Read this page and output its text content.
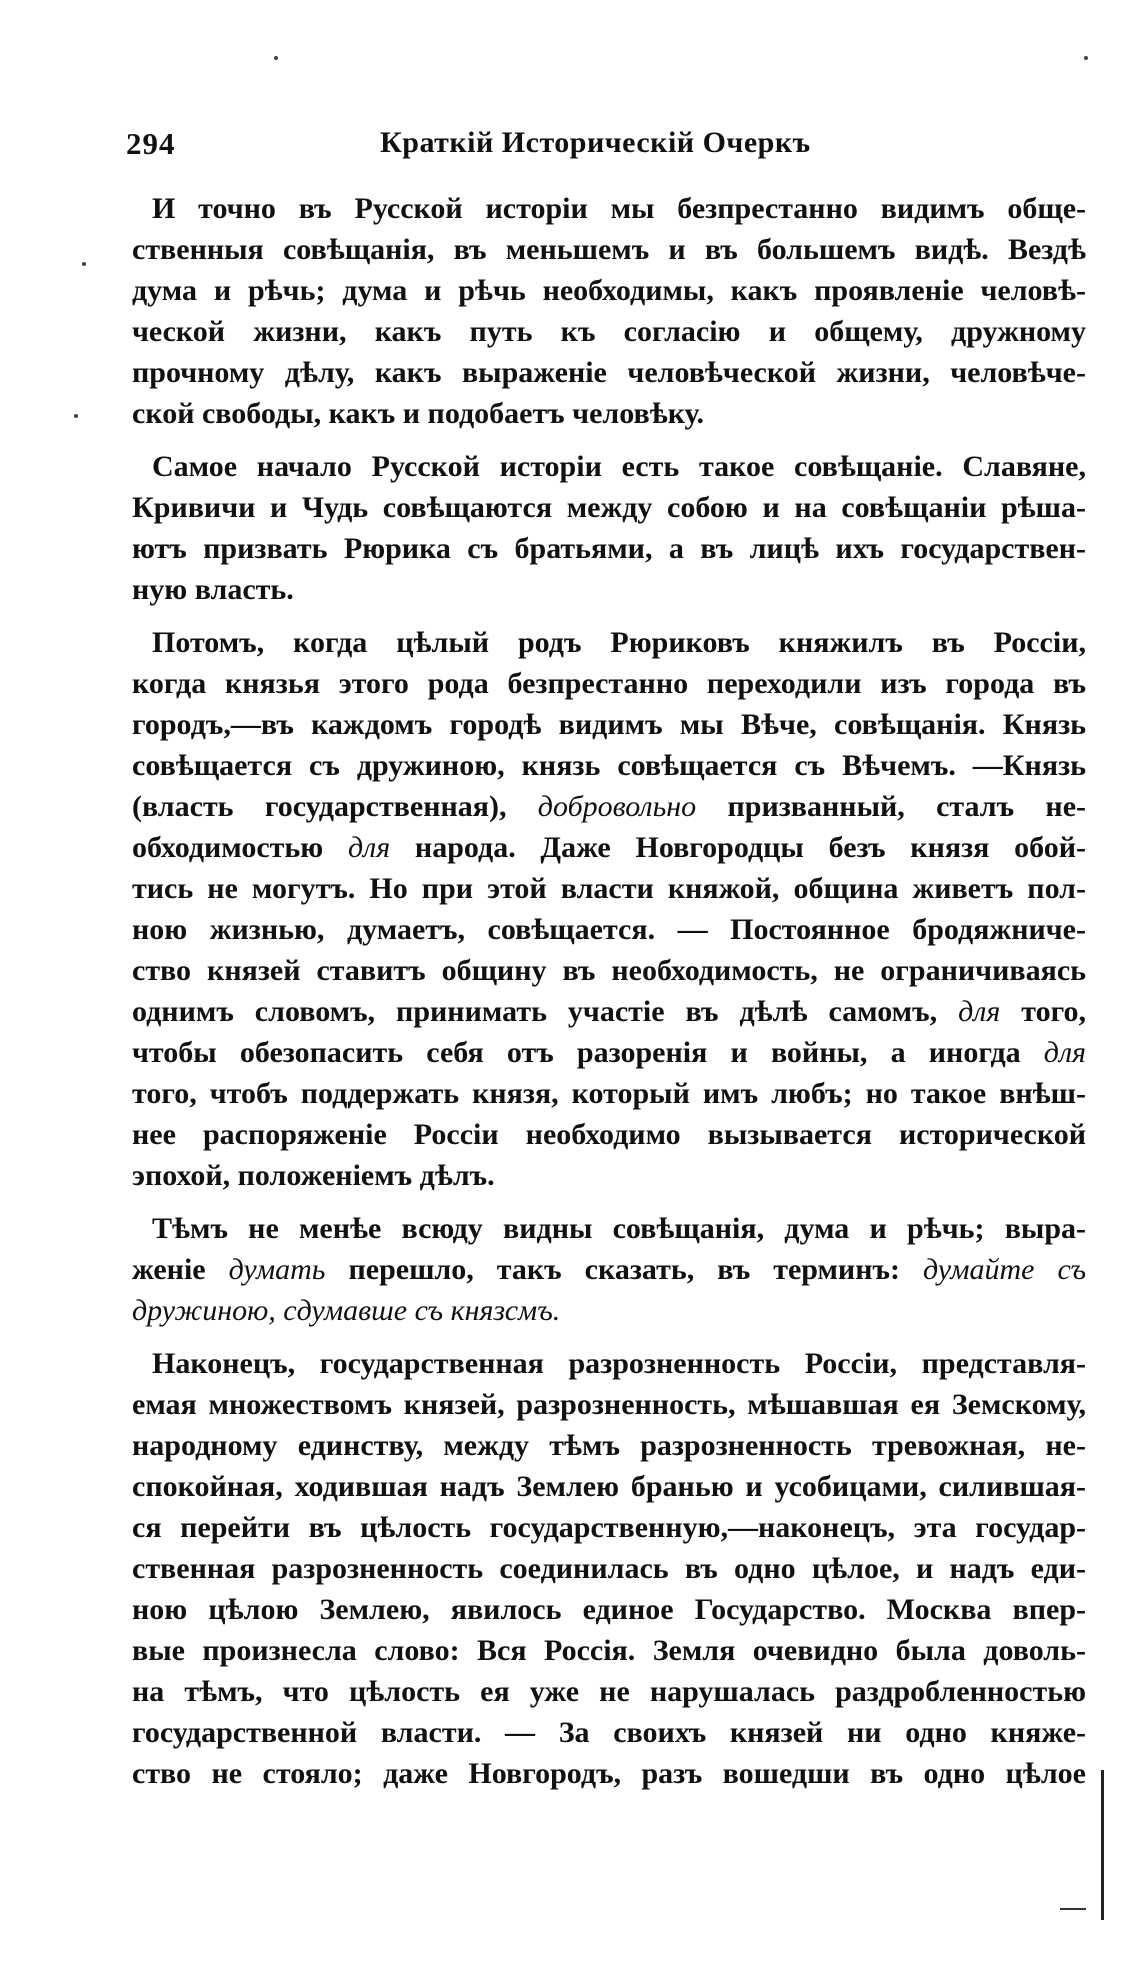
294	Краткій Историческій Очеркъ
И точно въ Русской исторіи мы безпрестанно видимъ обще-
ственныя совѣщанія, въ меньшемъ и въ большемъ видѣ. Вездѣ
дума и рѣчь; дума и рѣчь необходимы, какъ проявленіе человѣ-
ческой жизни, какъ путь къ согласію и общему, дружному
прочному дѣлу, какъ выраженіе человѣческой жизни, человѣче-
ской свободы, какъ и подобаетъ человѣку.
Самое начало Русской исторіи есть такое совѣщаніе. Славяне,
Кривичи и Чудь совѣщаются между собою и на совѣщаніи рѣша-
ютъ призвать Рюрика съ братьями, а въ лицѣ ихъ государствен-
ную власть.
Потомъ, когда цѣлый родъ Рюриковъ княжилъ въ Россіи,
когда князья этого рода безпрестанно переходили изъ города въ
городъ,—въ каждомъ городѣ видимъ мы Вѣче, совѣщанія. Князь
совѣщается съ дружиною, князь совѣщается съ Вѣчемъ. —Князь
(власть государственная), добровольно призванный, сталъ не-
обходимостью для народа. Даже Новгородцы безъ князя обой-
тись не могутъ. Но при этой власти княжой, община живетъ пол-
ною жизнью, думаетъ, совѣщается. — Постоянное бродяжниче-
ство князей ставитъ общину въ необходимость, не ограничиваясь
однимъ словомъ, принимать участіе въ дѣлѣ самомъ, для того,
чтобы обезопасить себя отъ разоренія и войны, а иногда для
того, чтобъ поддержать князя, который имъ любъ; но такое внѣш-
нее распоряженіе Россіи необходимо вызывается исторической
эпохой, положеніемъ дѣлъ.
Тѣмъ не менѣе всюду видны совѣщанія, дума и рѣчь; выра-
женіе думать перешло, такъ сказать, въ терминъ: думайте съ
дружиною, сдумавше съ князсмъ.
Наконецъ, государственная разрозненность Россіи, представля-
емая множествомъ князей, разрозненность, мѣшавшая ея Земскому,
народному единству, между тѣмъ разрозненность тревожная, не-
спокойная, ходившая надъ Землею бранью и усобицами, силившая-
ся перейти въ цѣлость государственную,—наконецъ, эта государ-
ственная разрозненность соединилась въ одно цѣлое, и надъ еди-
ною цѣлою Землею, явилось единое Государство. Москва впер-
вые произнесла слово: Вся Россія. Земля очевидно была доволь-
на тѣмъ, что цѣлость ея уже не нарушалась раздробленностью
государственной власти. — За своихъ князей ни одно княже-
ство не стояло; даже Новгородъ, разъ вошедши въ одно цѣлое
